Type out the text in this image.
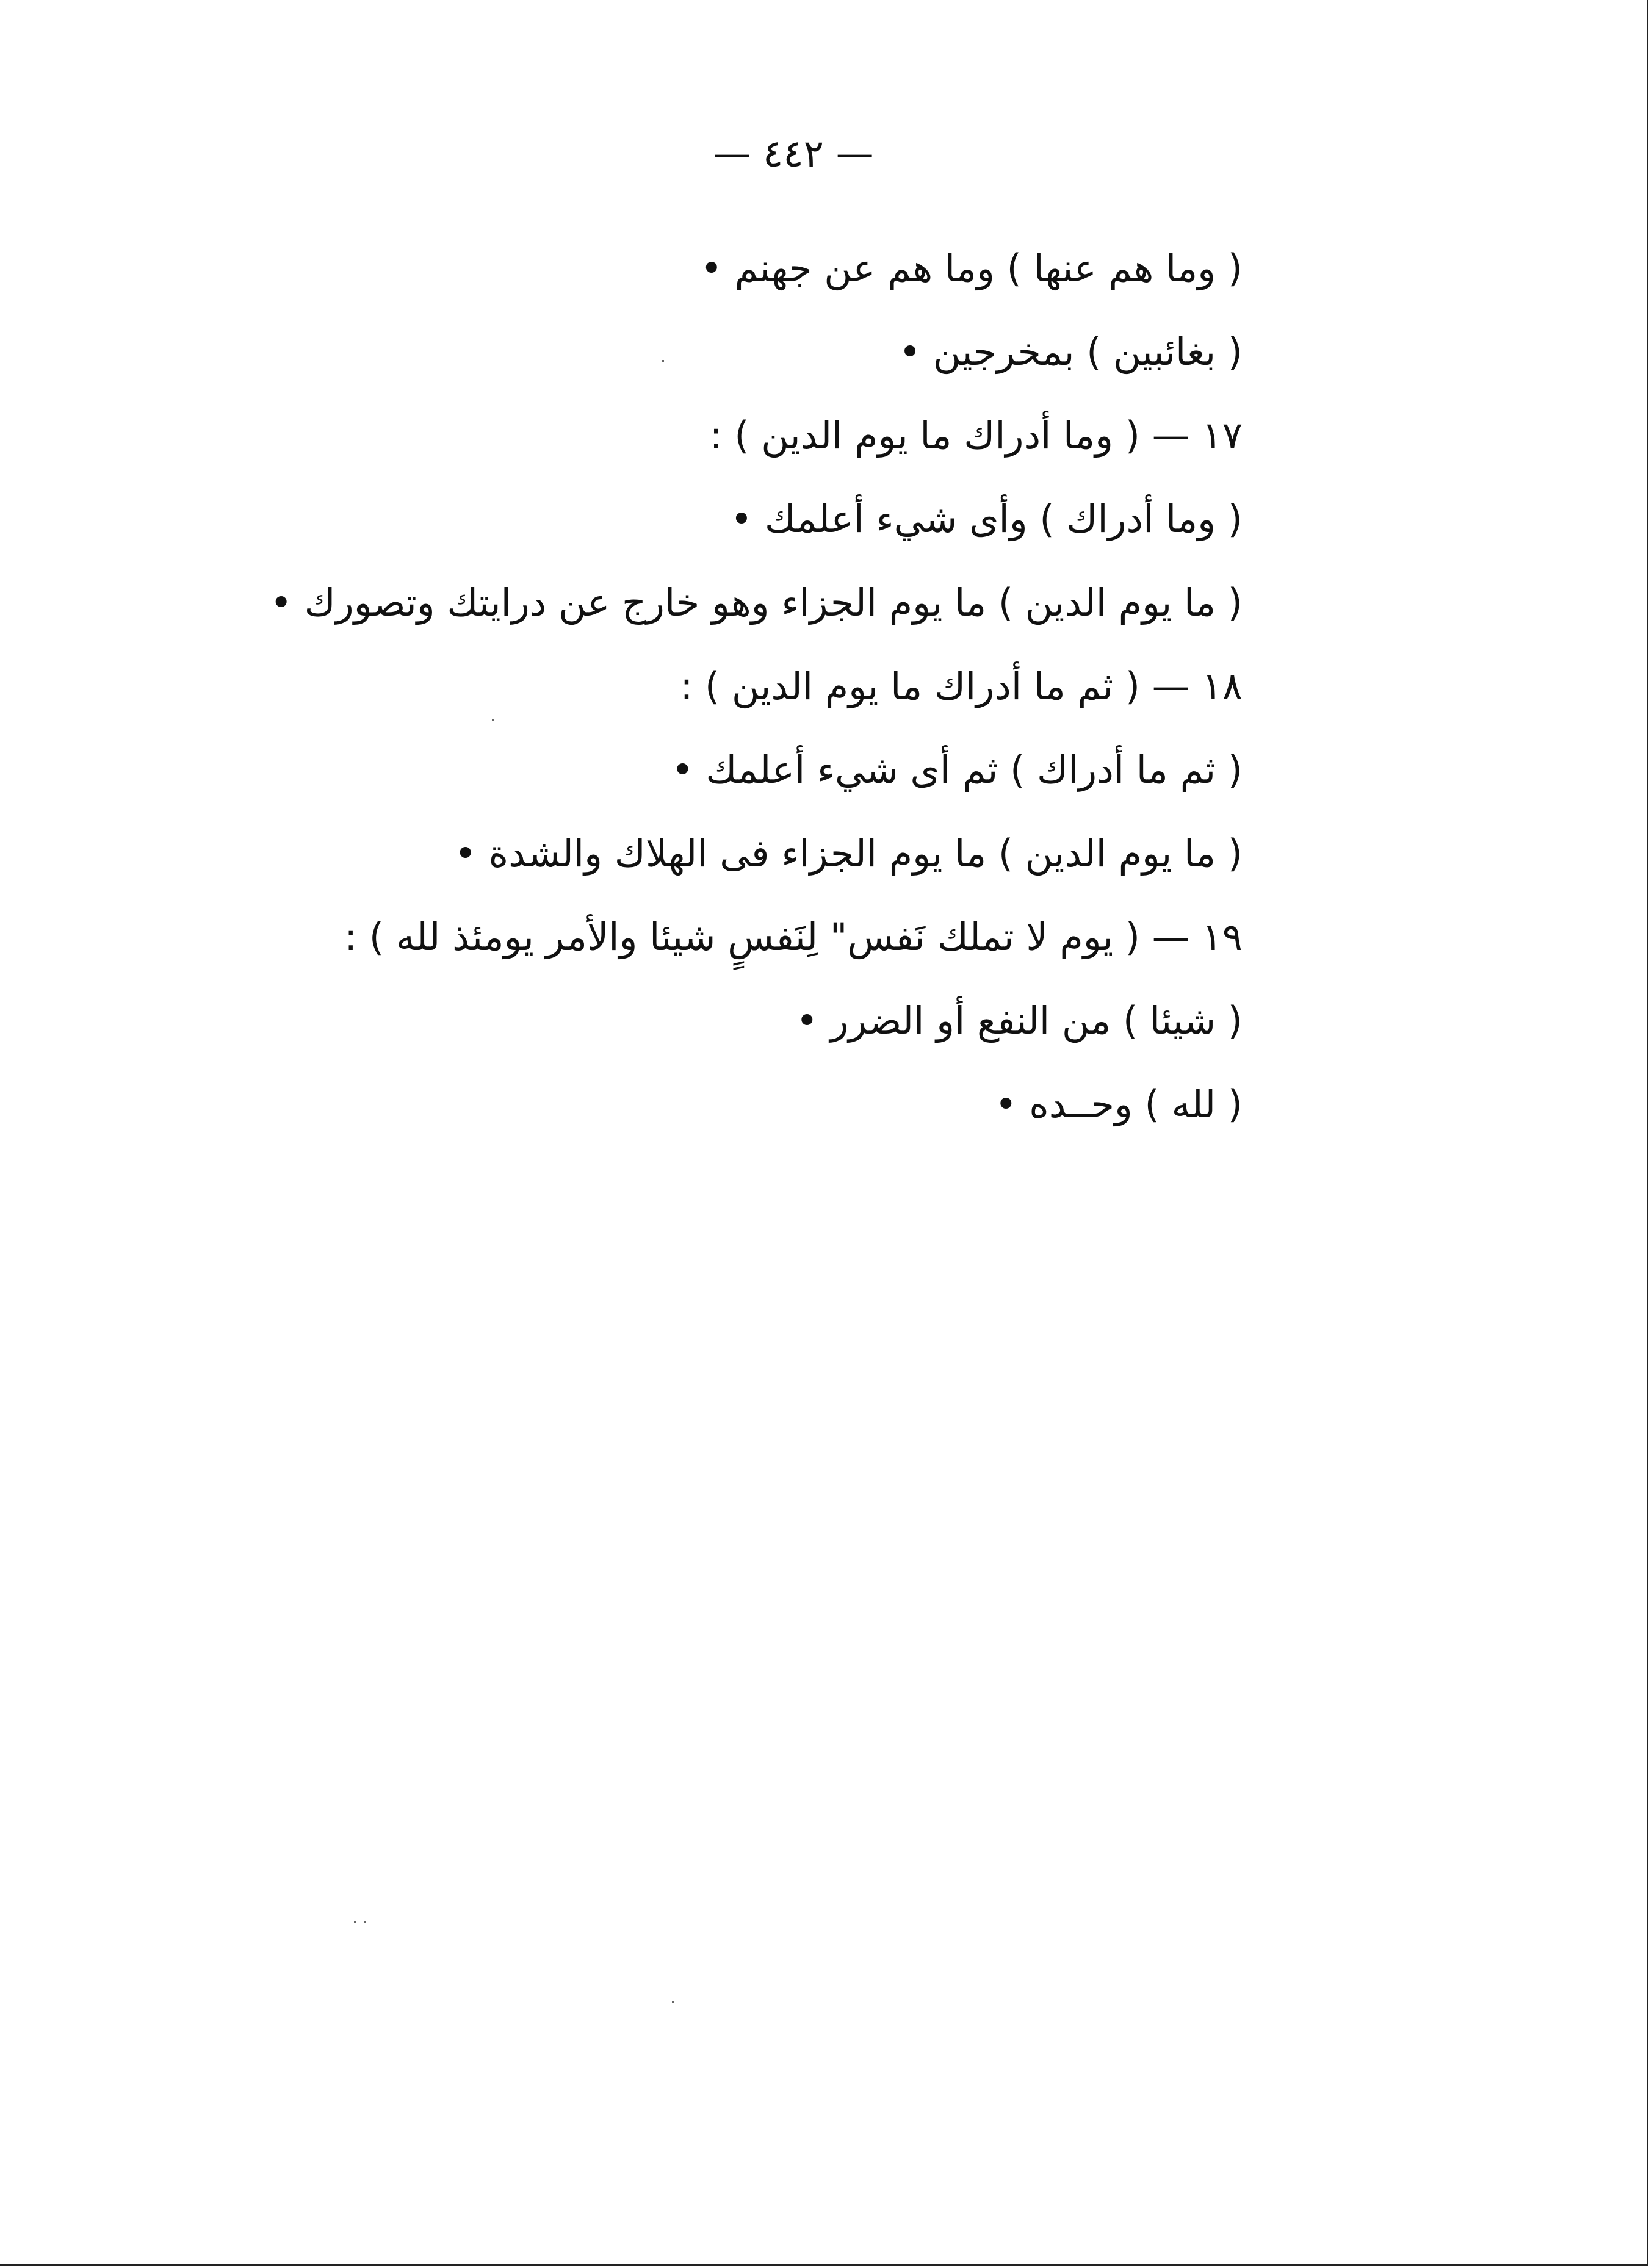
— ٤٤٢ —
( وما هم عنها ) وما هم عن جهنم •
( بغائبين ) بمخرجين •
١٧ — ( وما أدراك ما يوم الدين ) :
( وما أدراك ) وأى شيء أعلمك •
( ما يوم الدين ) ما يوم الجزاء وهو خارج عن درايتك وتصورك •
١٨ — ( ثم ما أدراك ما يوم الدين ) :
( ثم ما أدراك ) ثم أى شيء أعلمك •
( ما يوم الدين ) ما يوم الجزاء فى الهلاك والشدة •
١٩ — ( يوم لا تملك نَفس" لِنَفسٍ شيئا والأمر يومئذ لله ) :
( شيئا ) من النفع أو الضرر •
( لله ) وحــده •
